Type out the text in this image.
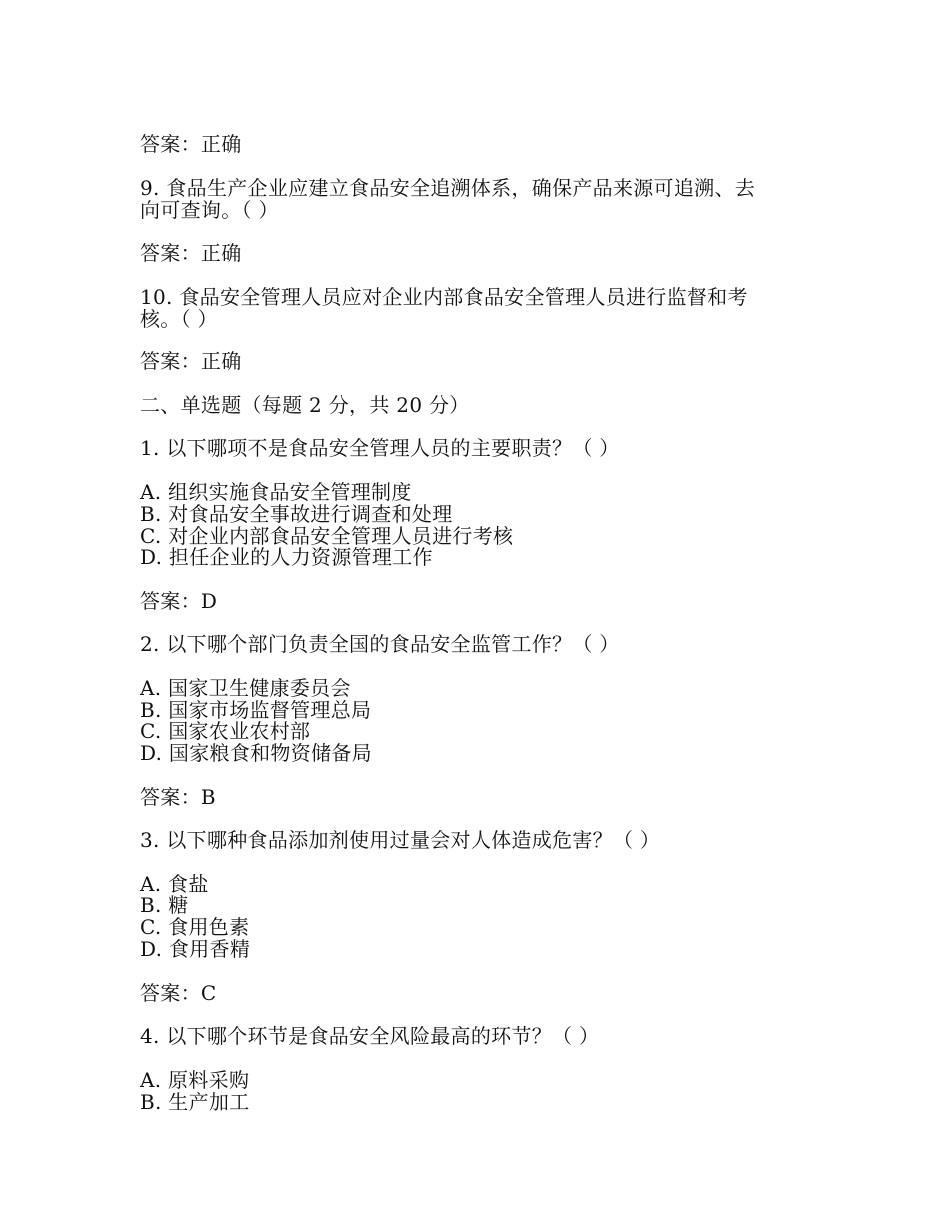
答案：正确
9. 食品生产企业应建立食品安全追溯体系，确保产品来源可追溯、去
向可查询。（ ）
答案：正确
10. 食品安全管理人员应对企业内部食品安全管理人员进行监督和考
核。（ ）
答案：正确
二、单选题（每题 2 分，共 20 分）
1. 以下哪项不是食品安全管理人员的主要职责？（ ）
A. 组织实施食品安全管理制度
B. 对食品安全事故进行调查和处理
C. 对企业内部食品安全管理人员进行考核
D. 担任企业的人力资源管理工作
答案：D
2. 以下哪个部门负责全国的食品安全监管工作？（ ）
A. 国家卫生健康委员会
B. 国家市场监督管理总局
C. 国家农业农村部
D. 国家粮食和物资储备局
答案：B
3. 以下哪种食品添加剂使用过量会对人体造成危害？（ ）
A. 食盐
B. 糖
C. 食用色素
D. 食用香精
答案：C
4. 以下哪个环节是食品安全风险最高的环节？（ ）
A. 原料采购
B. 生产加工
